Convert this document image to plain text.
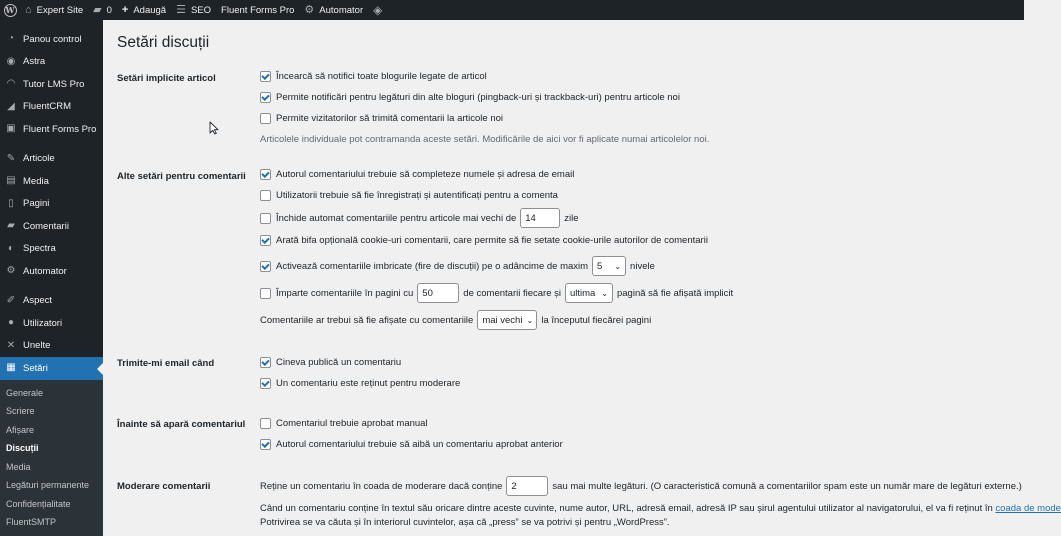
W ⌂ Expert Site ▰ 0 + Adaugă ☰ SEO Fluent Forms Pro ⚙ Automator ◈
◔ Panou control
◉ Astra
◠ Tutor LMS Pro
◢ FluentCRM
▣ Fluent Forms Pro
✎ Articole
▤ Media
▯ Pagini
▰ Comentarii
◐ Spectra
⚙ Automator
✐ Aspect
● Utilizatori
✕ Unelte
▦ Setări
Generale
Scriere
Afișare
Discuții
Media
Legături permanente
Confidențialitate
FluentSMTP
Setări discuții
Setări implicite articol	Încearcă să notifici toate blogurile legate de articol
Permite notificări pentru legături din alte bloguri (pingback-uri și trackback-uri) pentru articole noi
Permite vizitatorilor să trimită comentarii la articole noi
Articolele individuale pot contramanda aceste setări. Modificările de aici vor fi aplicate numai articolelor noi.
Alte setări pentru comentarii	Autorul comentariului trebuie să completeze numele și adresa de email
Utilizatorii trebuie să fie înregistrați și autentificați pentru a comenta
Închide automat comentariile pentru articole mai vechi de 14	zile
Arată bifa opțională cookie-uri comentarii, care permite să fie setate cookie-urile autorilor de comentarii
Activează comentariile imbricate (fire de discuții) pe o adâncime de maxim 5 ⌄ nivele
Împarte comentariile în pagini cu 50	de comentarii fiecare și ultima ⌄ pagină să fie afișată implicit
Comentariile ar trebui să fie afișate cu comentariile mai vechi ⌄ la începutul fiecărei pagini
Trimite-mi email când	Cineva publică un comentariu
Un comentariu este reținut pentru moderare
Înainte să apară comentariul	Comentariul trebuie aprobat manual
Autorul comentariului trebuie să aibă un comentariu aprobat anterior
Moderare comentarii	Reține un comentariu în coada de moderare dacă conține 2	sau mai multe legături. (O caracteristică comună a comentariilor spam este un număr mare de legături externe.)
Când un comentariu conține în textul său oricare dintre aceste cuvinte, nume autor, URL, adresă email, adresă IP sau șirul agentului utilizator al navigatorului, el va fi reținut în
coada de mode
Potrivirea se va căuta și în interiorul cuvintelor, așa că „press” se va potrivi și pentru „WordPress”.
